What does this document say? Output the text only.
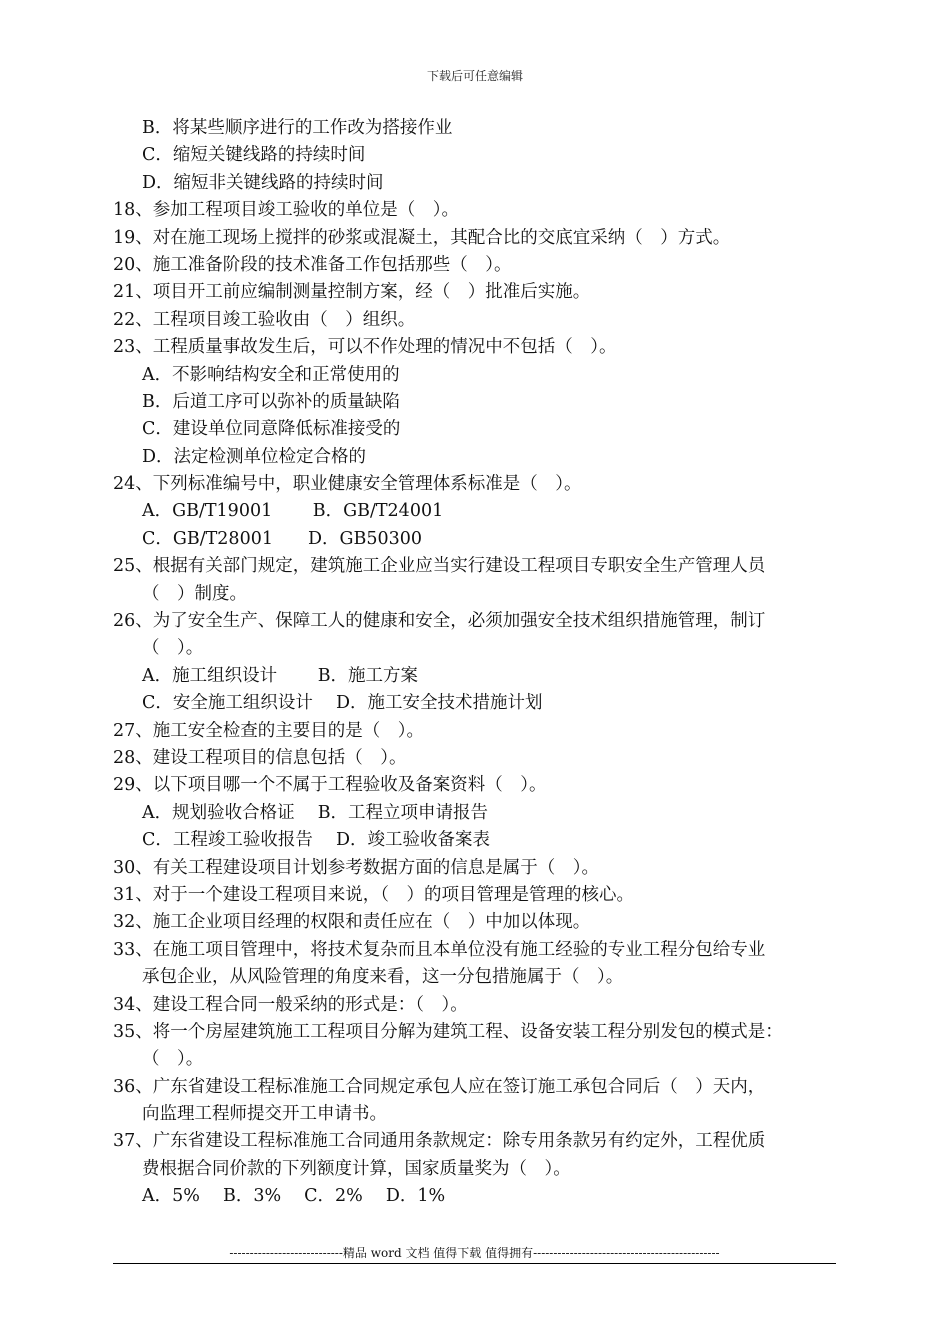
下载后可任意编辑

B．将某些顺序进行的工作改为搭接作业

C．缩短关键线路的持续时间

D．缩短非关键线路的持续时间

18、参加工程项目竣工验收的单位是（　）。

19、对在施工现场上搅拌的砂浆或混凝土，其配合比的交底宜采纳（　）方式。

20、施工准备阶段的技术准备工作包括那些（　）。

21、项目开工前应编制测量控制方案，经（　）批准后实施。

22、工程项目竣工验收由（　）组织。

23、工程质量事故发生后，可以不作处理的情况中不包括（　）。

A．不影响结构安全和正常使用的

B．后道工序可以弥补的质量缺陷

C．建设单位同意降低标准接受的

D．法定检测单位检定合格的

24、下列标准编号中，职业健康安全管理体系标准是（　）。

A．GB/T19001　　 B．GB/T24001

C．GB/T28001　　D．GB50300

25、根据有关部门规定，建筑施工企业应当实行建设工程项目专职安全生产管理人员

（　）制度。

26、为了安全生产、保障工人的健康和安全，必须加强安全技术组织措施管理，制订

（　）。

A．施工组织设计　　 B．施工方案

C．安全施工组织设计　 D．施工安全技术措施计划

27、施工安全检查的主要目的是（　）。

28、建设工程项目的信息包括（　）。

29、以下项目哪一个不属于工程验收及备案资料（　）。

A．规划验收合格证　 B．工程立项申请报告

C．工程竣工验收报告　 D．竣工验收备案表

30、有关工程建设项目计划参考数据方面的信息是属于（　）。

31、对于一个建设工程项目来说，（　）的项目管理是管理的核心。

32、施工企业项目经理的权限和责任应在（　）中加以体现。

33、在施工项目管理中，将技术复杂而且本单位没有施工经验的专业工程分包给专业

承包企业，从风险管理的角度来看，这一分包措施属于（　）。

34、建设工程合同一般采纳的形式是：（　）。

35、将一个房屋建筑施工工程项目分解为建筑工程、设备安装工程分别发包的模式是：

（　）。

36、广东省建设工程标准施工合同规定承包人应在签订施工承包合同后（　）天内，

向监理工程师提交开工申请书。

37、广东省建设工程标准施工合同通用条款规定：除专用条款另有约定外，工程优质

费根据合同价款的下列额度计算，国家质量奖为（　）。

A．5%　 B．3%　 C．2%　 D．1%

----------------------------精品 word 文档 值得下载 值得拥有----------------------------------------------
